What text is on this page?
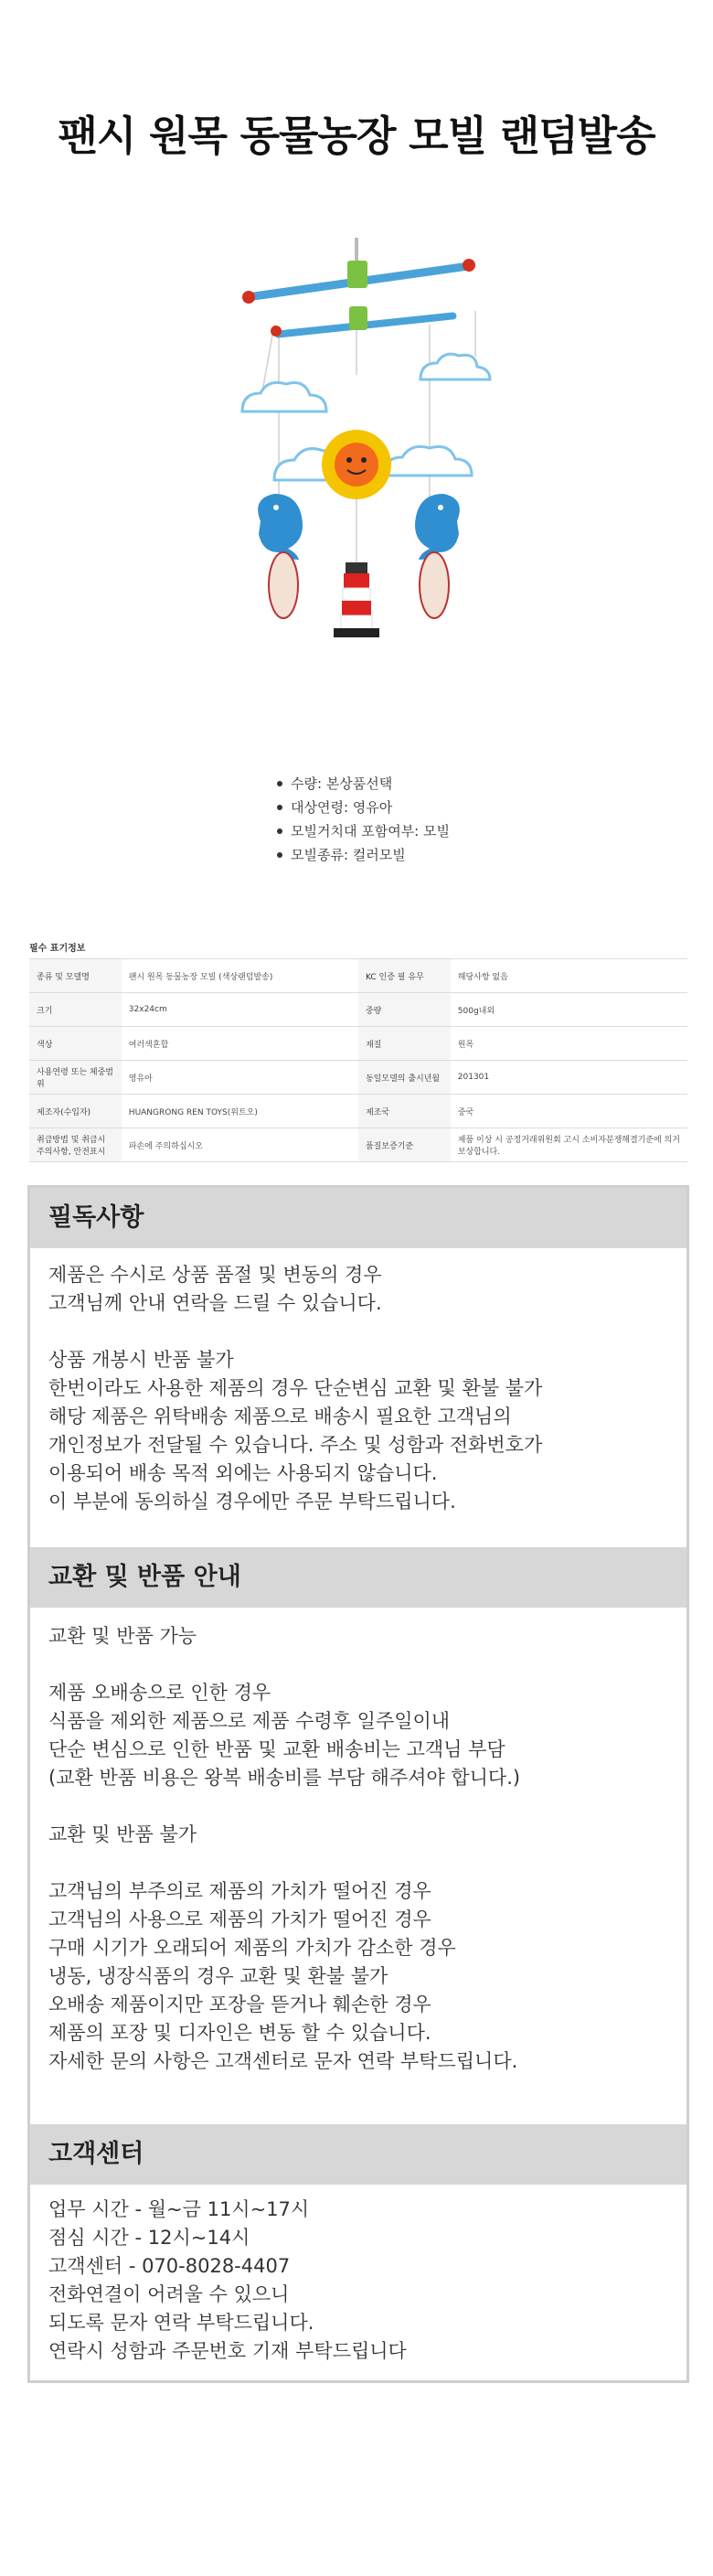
팬시 원목 동물농장 모빌 랜덤발송
수량: 본상품선택
대상연령: 영유아
모빌거치대 포함여부: 모빌
모빌종류: 컬러모빌
필수 표기정보
종류 및 모델명	팬시 원목 동물농장 모빌 (색상랜덤발송)	KC 인증 필 유무	해당사항 없음
크기	32x24cm	중량	500g내외
색상	여러색혼합	재질	원목
사용연령 또는 체중범위	영유아	동일모델의 출시년월	201301
제조자(수입자)	HUANGRONG REN TOYS(위트오)	제조국	중국
취급방법 및 취급시 주의사항, 안전표시	파손에 주의하십시오	품질보증기준	제품 이상 시 공정거래위원회 고시 소비자분쟁해결기준에 의거 보상합니다.
필독사항
제품은 수시로 상품 품절 및 변동의 경우
고객님께 안내 연락을 드릴 수 있습니다.
상품 개봉시 반품 불가
한번이라도 사용한 제품의 경우 단순변심 교환 및 환불 불가
해당 제품은 위탁배송 제품으로 배송시 필요한 고객님의
개인정보가 전달될 수 있습니다. 주소 및 성함과 전화번호가
이용되어 배송 목적 외에는 사용되지 않습니다.
이 부분에 동의하실 경우에만 주문 부탁드립니다.
교환 및 반품 안내
교환 및 반품 가능
제품 오배송으로 인한 경우
식품을 제외한 제품으로 제품 수령후 일주일이내
단순 변심으로 인한 반품 및 교환 배송비는 고객님 부담
(교환 반품 비용은 왕복 배송비를 부담 해주셔야 합니다.)
교환 및 반품 불가
고객님의 부주의로 제품의 가치가 떨어진 경우
고객님의 사용으로 제품의 가치가 떨어진 경우
구매 시기가 오래되어 제품의 가치가 감소한 경우
냉동, 냉장식품의 경우 교환 및 환불 불가
오배송 제품이지만 포장을 뜯거나 훼손한 경우
제품의 포장 및 디자인은 변동 할 수 있습니다.
자세한 문의 사항은 고객센터로 문자 연락 부탁드립니다.
고객센터
업무 시간 - 월~금 11시~17시
점심 시간 - 12시~14시
고객센터 - 070-8028-4407
전화연결이 어려울 수 있으니
되도록 문자 연락 부탁드립니다.
연락시 성함과 주문번호 기재 부탁드립니다
